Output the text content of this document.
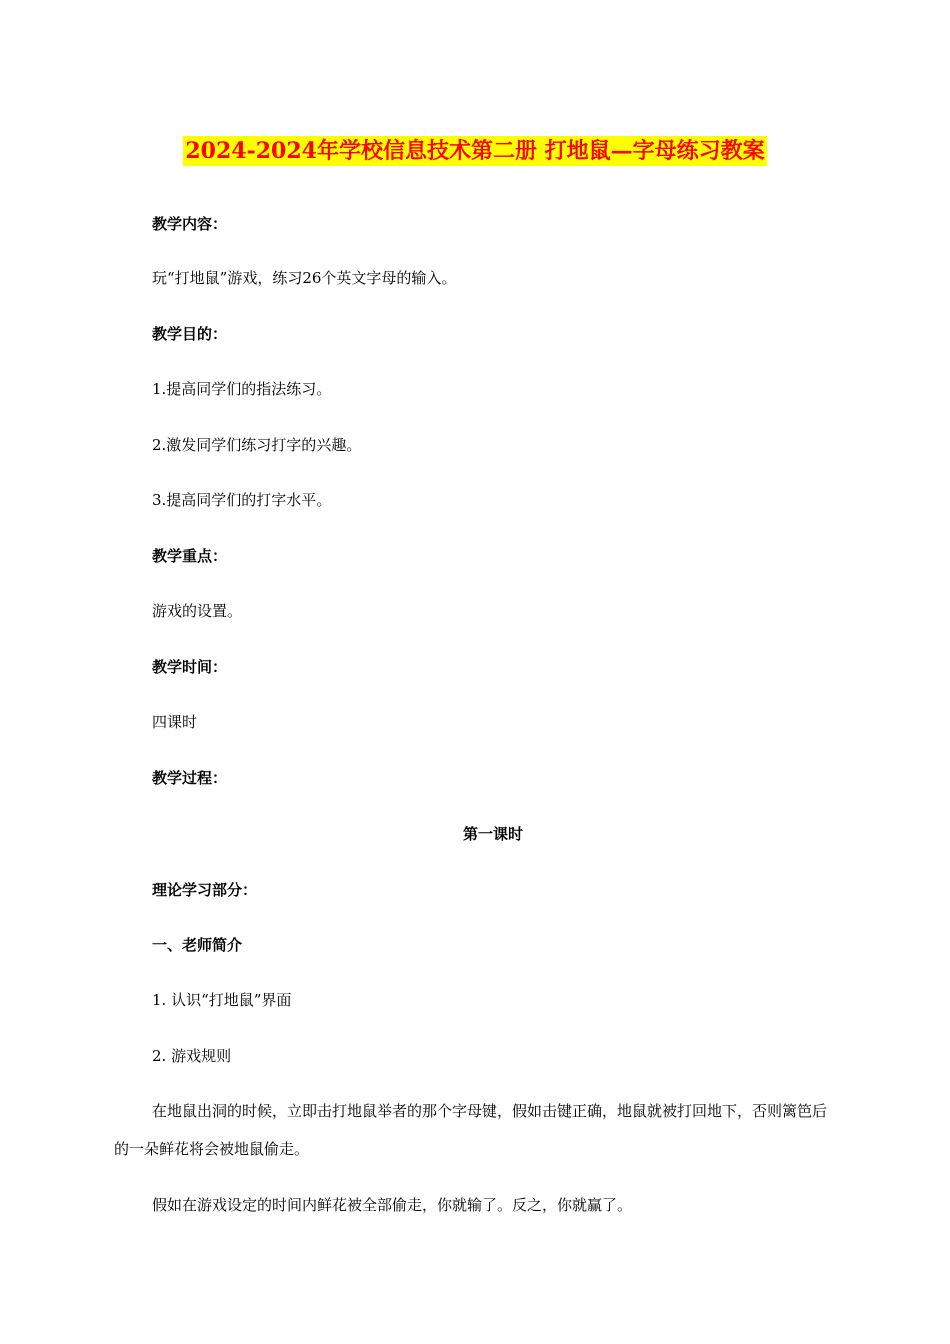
2024-2024年学校信息技术第二册 打地鼠—字母练习教案
教学内容：
玩“打地鼠”游戏，练习26个英文字母的输入。
教学目的：
1.提高同学们的指法练习。
2.激发同学们练习打字的兴趣。
3.提高同学们的打字水平。
教学重点：
游戏的设置。
教学时间：
四课时
教学过程：
第一课时
理论学习部分：
一、老师简介
1. 认识“打地鼠”界面
2. 游戏规则
在地鼠出洞的时候，立即击打地鼠举者的那个字母键，假如击键正确，地鼠就被打回地下，否则篱笆后的一朵鲜花将会被地鼠偷走。
假如在游戏设定的时间内鲜花被全部偷走，你就输了。反之，你就赢了。
